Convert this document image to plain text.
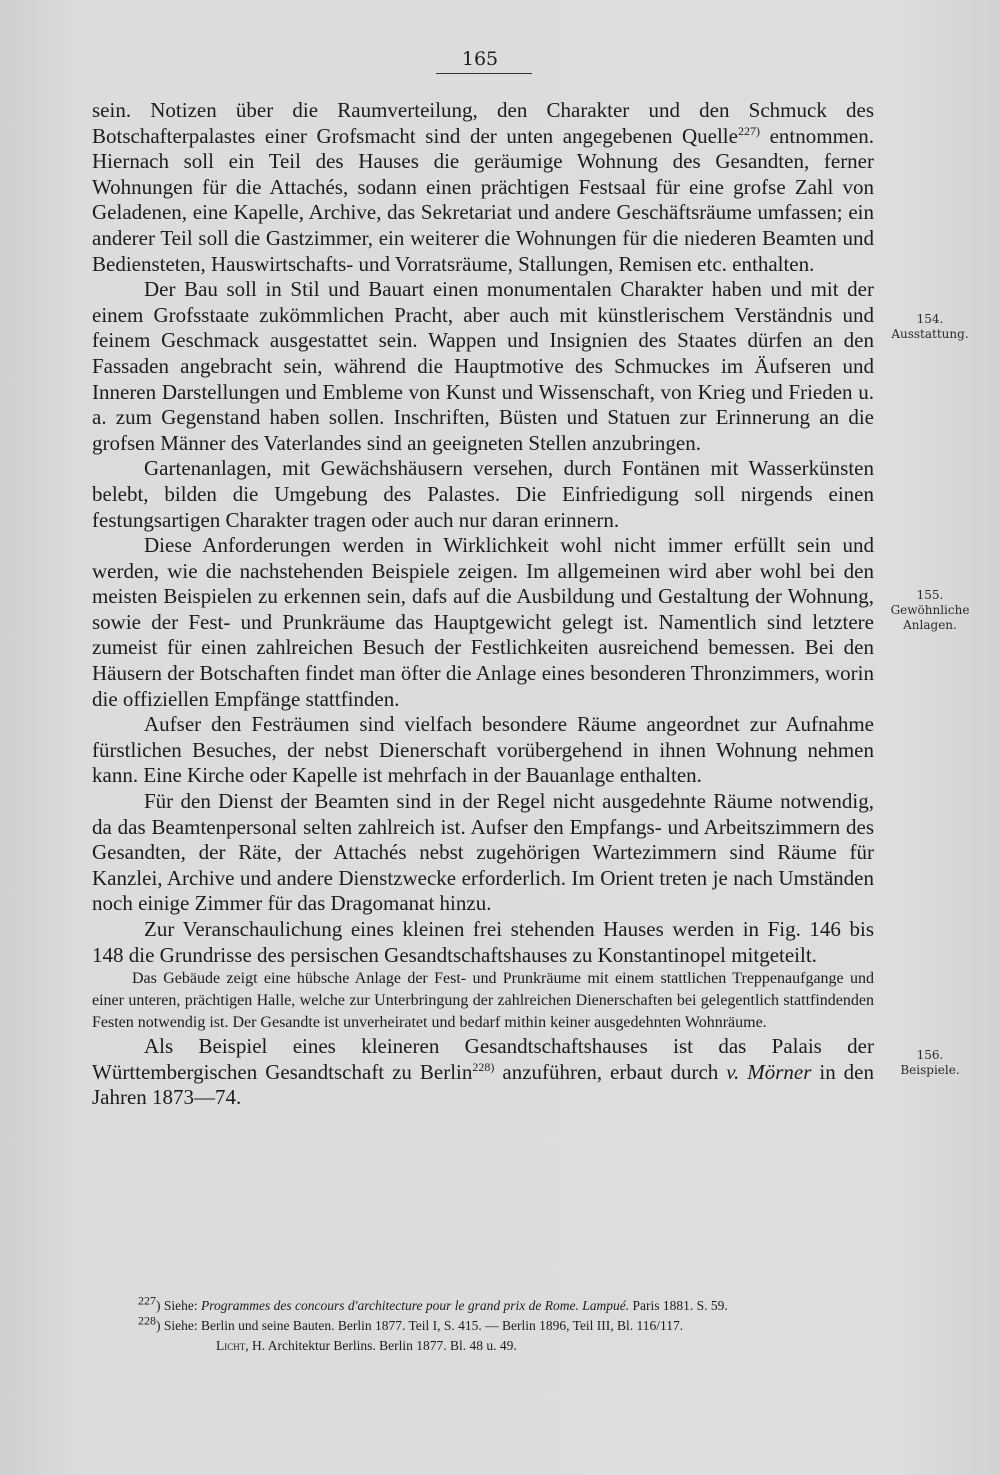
165

sein. Notizen über die Raumverteilung, den Charakter und den Schmuck des Botschafterpalastes einer Grofsmacht sind der unten angegebenen Quelle$^{227)}$ entnommen. Hiernach soll ein Teil des Hauses die geräumige Wohnung des Gesandten, ferner Wohnungen für die Attachés, sodann einen prächtigen Festsaal für eine grofse Zahl von Geladenen, eine Kapelle, Archive, das Sekretariat und andere Geschäftsräume umfassen; ein anderer Teil soll die Gastzimmer, ein weiterer die Wohnungen für die niederen Beamten und Bediensteten, Hauswirtschafts- und Vorratsräume, Stallungen, Remisen etc. enthalten.

Der Bau soll in Stil und Bauart einen monumentalen Charakter haben und mit der einem Grofsstaate zukömmlichen Pracht, aber auch mit künstlerischem Verständnis und feinem Geschmack ausgestattet sein. Wappen und Insignien des Staates dürfen an den Fassaden angebracht sein, während die Hauptmotive des Schmuckes im Äufseren und Inneren Darstellungen und Embleme von Kunst und Wissenschaft, von Krieg und Frieden u. a. zum Gegenstand haben sollen. Inschriften, Büsten und Statuen zur Erinnerung an die grofsen Männer des Vaterlandes sind an geeigneten Stellen anzubringen.

Gartenanlagen, mit Gewächshäusern versehen, durch Fontänen mit Wasserkünsten belebt, bilden die Umgebung des Palastes. Die Einfriedigung soll nirgends einen festungsartigen Charakter tragen oder auch nur daran erinnern.

Diese Anforderungen werden in Wirklichkeit wohl nicht immer erfüllt sein und werden, wie die nachstehenden Beispiele zeigen. Im allgemeinen wird aber wohl bei den meisten Beispielen zu erkennen sein, dafs auf die Ausbildung und Gestaltung der Wohnung, sowie der Fest- und Prunkräume das Hauptgewicht gelegt ist. Namentlich sind letztere zumeist für einen zahlreichen Besuch der Festlichkeiten ausreichend bemessen. Bei den Häusern der Botschaften findet man öfter die Anlage eines besonderen Thronzimmers, worin die offiziellen Empfänge stattfinden.

Aufser den Festräumen sind vielfach besondere Räume angeordnet zur Aufnahme fürstlichen Besuches, der nebst Dienerschaft vorübergehend in ihnen Wohnung nehmen kann. Eine Kirche oder Kapelle ist mehrfach in der Bauanlage enthalten.

Für den Dienst der Beamten sind in der Regel nicht ausgedehnte Räume notwendig, da das Beamtenpersonal selten zahlreich ist. Aufser den Empfangs- und Arbeitszimmern des Gesandten, der Räte, der Attachés nebst zugehörigen Wartezimmern sind Räume für Kanzlei, Archive und andere Dienstzwecke erforderlich. Im Orient treten je nach Umständen noch einige Zimmer für das Dragomanat hinzu.

Zur Veranschaulichung eines kleinen frei stehenden Hauses werden in Fig. 146 bis 148 die Grundrisse des persischen Gesandtschaftshauses zu Konstantinopel mitgeteilt.

Das Gebäude zeigt eine hübsche Anlage der Fest- und Prunkräume mit einem stattlichen Treppenaufgange und einer unteren, prächtigen Halle, welche zur Unterbringung der zahlreichen Dienerschaften bei gelegentlich stattfindenden Festen notwendig ist. Der Gesandte ist unverheiratet und bedarf mithin keiner ausgedehnten Wohnräume.

Als Beispiel eines kleineren Gesandtschaftshauses ist das Palais der Württembergischen Gesandtschaft zu Berlin$^{228)}$ anzuführen, erbaut durch v. Mörner in den Jahren 1873—74.

154.
Ausstattung.
155.
Gewöhnliche Anlagen.
156.
Beispiele.
227) Siehe: Programmes des concours d'architecture pour le grand prix de Rome. Lampué. Paris 1881. S. 59.
228) Siehe: Berlin und seine Bauten. Berlin 1877. Teil I, S. 415. — Berlin 1896, Teil III, Bl. 116/117.
Licht, H. Architektur Berlins. Berlin 1877. Bl. 48 u. 49.
